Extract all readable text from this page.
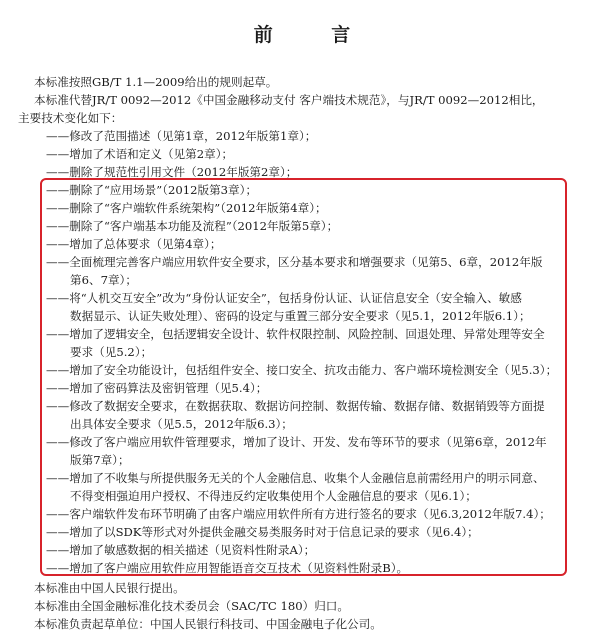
前 言
本标准按照GB/T 1.1—2009给出的规则起草。
本标准代替JR/T 0092—2012《中国金融移动支付 客户端技术规范》，与JR/T 0092—2012相比，
主要技术变化如下：
——修改了范围描述（见第1章，2012年版第1章）；
——增加了术语和定义（见第2章）；
——删除了规范性引用文件（2012年版第2章）；
——删除了“应用场景”（2012版第3章）；
——删除了“客户端软件系统架构”（2012年版第4章）；
——删除了“客户端基本功能及流程”（2012年版第5章）；
——增加了总体要求（见第4章）；
——全面梳理完善客户端应用软件安全要求，区分基本要求和增强要求（见第5、6章，2012年版
第6、7章）；
——将“人机交互安全”改为“身份认证安全”，包括身份认证、认证信息安全（安全输入、敏感
数据显示、认证失败处理）、密码的设定与重置三部分安全要求（见5.1，2012年版6.1）；
——增加了逻辑安全，包括逻辑安全设计、软件权限控制、风险控制、回退处理、异常处理等安全
要求（见5.2）；
——增加了安全功能设计，包括组件安全、接口安全、抗攻击能力、客户端环境检测安全（见5.3）；
——增加了密码算法及密钥管理（见5.4）；
——修改了数据安全要求，在数据获取、数据访问控制、数据传输、数据存储、数据销毁等方面提
出具体安全要求（见5.5，2012年版6.3）；
——修改了客户端应用软件管理要求，增加了设计、开发、发布等环节的要求（见第6章，2012年
版第7章）；
——增加了不收集与所提供服务无关的个人金融信息、收集个人金融信息前需经用户的明示同意、
不得变相强迫用户授权、不得违反约定收集使用个人金融信息的要求（见6.1）；
——客户端软件发布环节明确了由客户端应用软件所有方进行签名的要求（见6.3,2012年版7.4）；
——增加了以SDK等形式对外提供金融交易类服务时对于信息记录的要求（见6.4）；
——增加了敏感数据的相关描述（见资料性附录A）；
——增加了客户端应用软件应用智能语音交互技术（见资料性附录B）。
本标准由中国人民银行提出。
本标准由全国金融标准化技术委员会（SAC/TC 180）归口。
本标准负责起草单位：中国人民银行科技司、中国金融电子化公司。
